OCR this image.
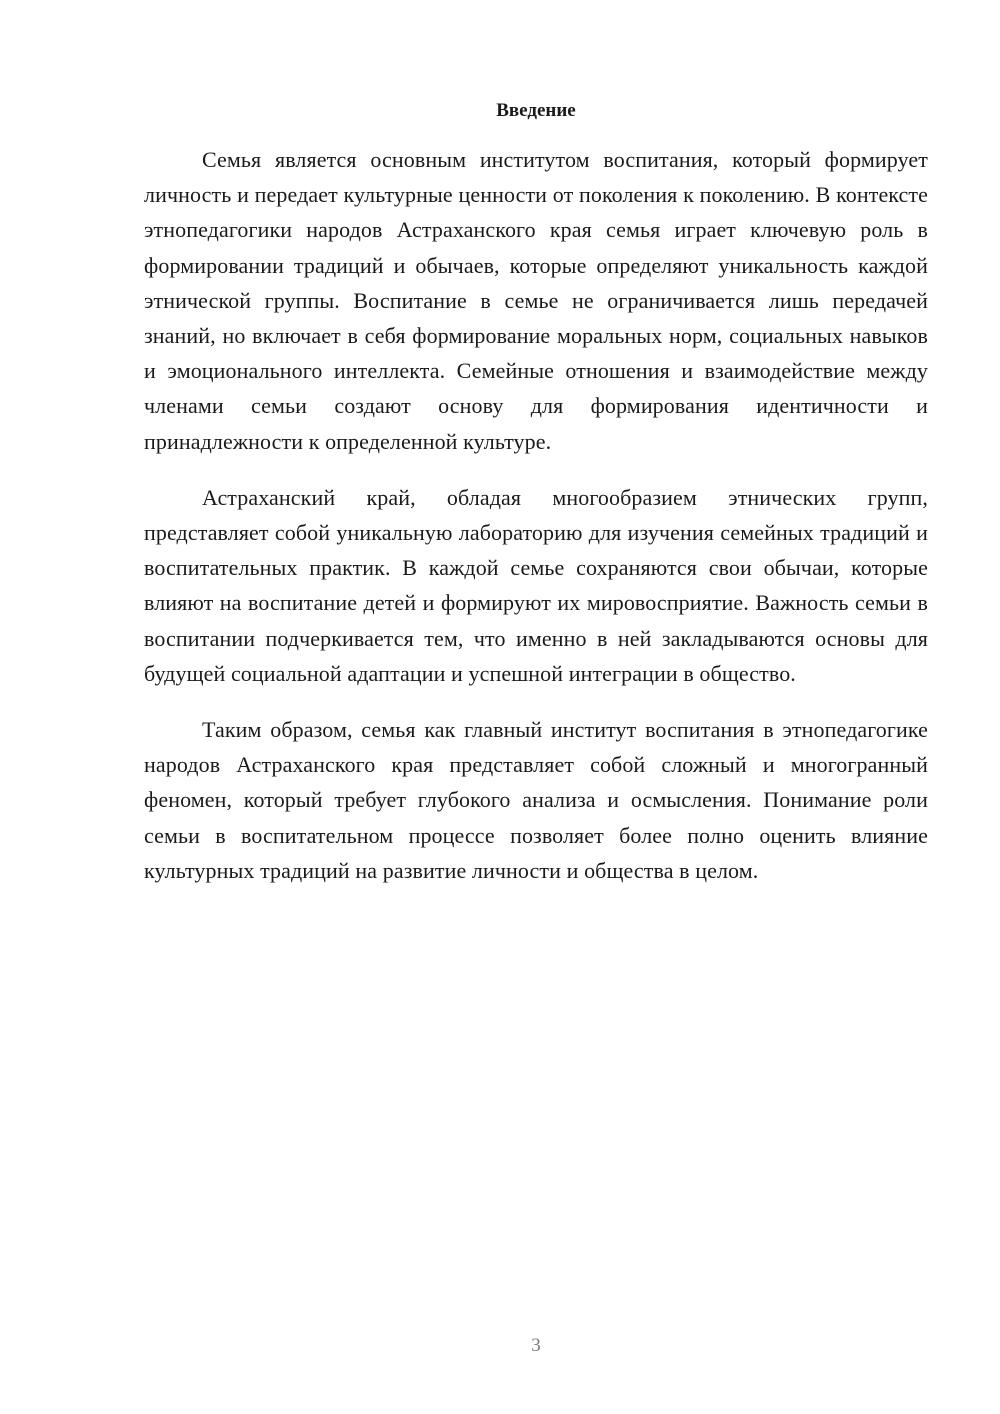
Введение

Семья является основным институтом воспитания, который формирует личность и передает культурные ценности от поколения к поколению. В контексте этнопедагогики народов Астраханского края семья играет ключевую роль в формировании традиций и обычаев, которые определяют уникальность каждой этнической группы. Воспитание в семье не ограничивается лишь передачей знаний, но включает в себя формирование моральных норм, социальных навыков и эмоционального интеллекта. Семейные отношения и взаимодействие между членами семьи создают основу для формирования идентичности и принадлежности к определенной культуре.

Астраханский край, обладая многообразием этнических групп, представляет собой уникальную лабораторию для изучения семейных традиций и воспитательных практик. В каждой семье сохраняются свои обычаи, которые влияют на воспитание детей и формируют их мировосприятие. Важность семьи в воспитании подчеркивается тем, что именно в ней закладываются основы для будущей социальной адаптации и успешной интеграции в общество.

Таким образом, семья как главный институт воспитания в этнопедагогике народов Астраханского края представляет собой сложный и многогранный феномен, который требует глубокого анализа и осмысления. Понимание роли семьи в воспитательном процессе позволяет более полно оценить влияние культурных традиций на развитие личности и общества в целом.

3
